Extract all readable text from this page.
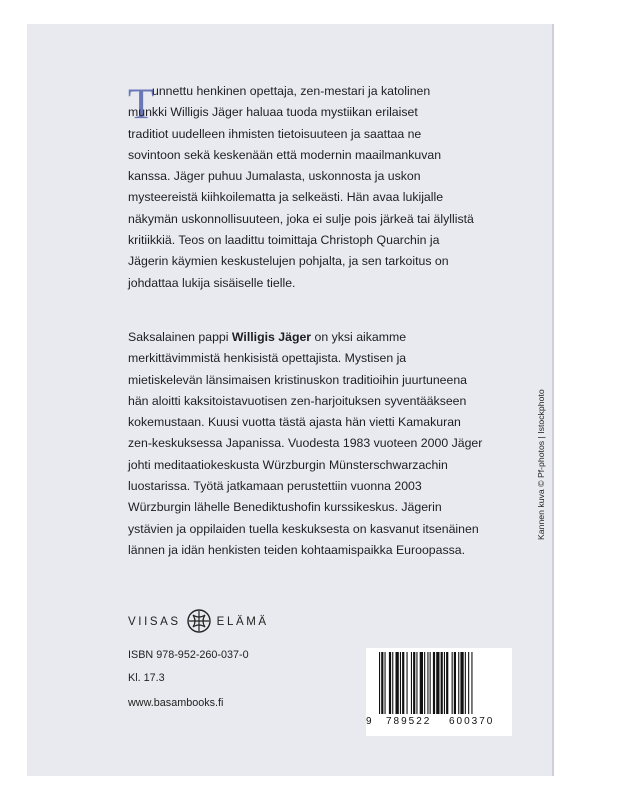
T
unnettu henkinen opettaja, zen-mestari ja katolinen
munkki Willigis Jäger haluaa tuoda mystiikan erilaiset
traditiot uudelleen ihmisten tietoisuuteen ja saattaa ne
sovintoon sekä keskenään että modernin maailmankuvan
kanssa. Jäger puhuu Jumalasta, uskonnosta ja uskon
mysteereistä kiihkoilematta ja selkeästi. Hän avaa lukijalle
näkymän uskonnollisuuteen, joka ei sulje pois järkeä tai älyllistä
kritiikkiä. Teos on laadittu toimittaja Christoph Quarchin ja
Jägerin käymien keskustelujen pohjalta, ja sen tarkoitus on
johdattaa lukija sisäiselle tielle.
Saksalainen pappi Willigis Jäger on yksi aikamme
merkittävimmistä henkisistä opettajista. Mystisen ja
mietiskelevän länsimaisen kristinuskon traditioihin juurtuneena
hän aloitti kaksitoistavuotisen zen-harjoituksen syventääkseen
kokemustaan. Kuusi vuotta tästä ajasta hän vietti Kamakuran
zen-keskuksessa Japanissa. Vuodesta 1983 vuoteen 2000 Jäger
johti meditaatiokeskusta Würzburgin Münsterschwarzachin
luostarissa. Työtä jatkamaan perustettiin vuonna 2003
Würzburgin lähelle Benediktushofin kurssikeskus. Jägerin
ystävien ja oppilaiden tuella keskuksesta on kasvanut itsenäinen
lännen ja idän henkisten teiden kohtaamispaikka Euroopassa.
Kannen kuva © Pf-photos | Istockphoto
VIISAS	ELÄMÄ
ISBN 978-952-260-037-0
Kl. 17.3
www.basambooks.fi
9 789522 600370
